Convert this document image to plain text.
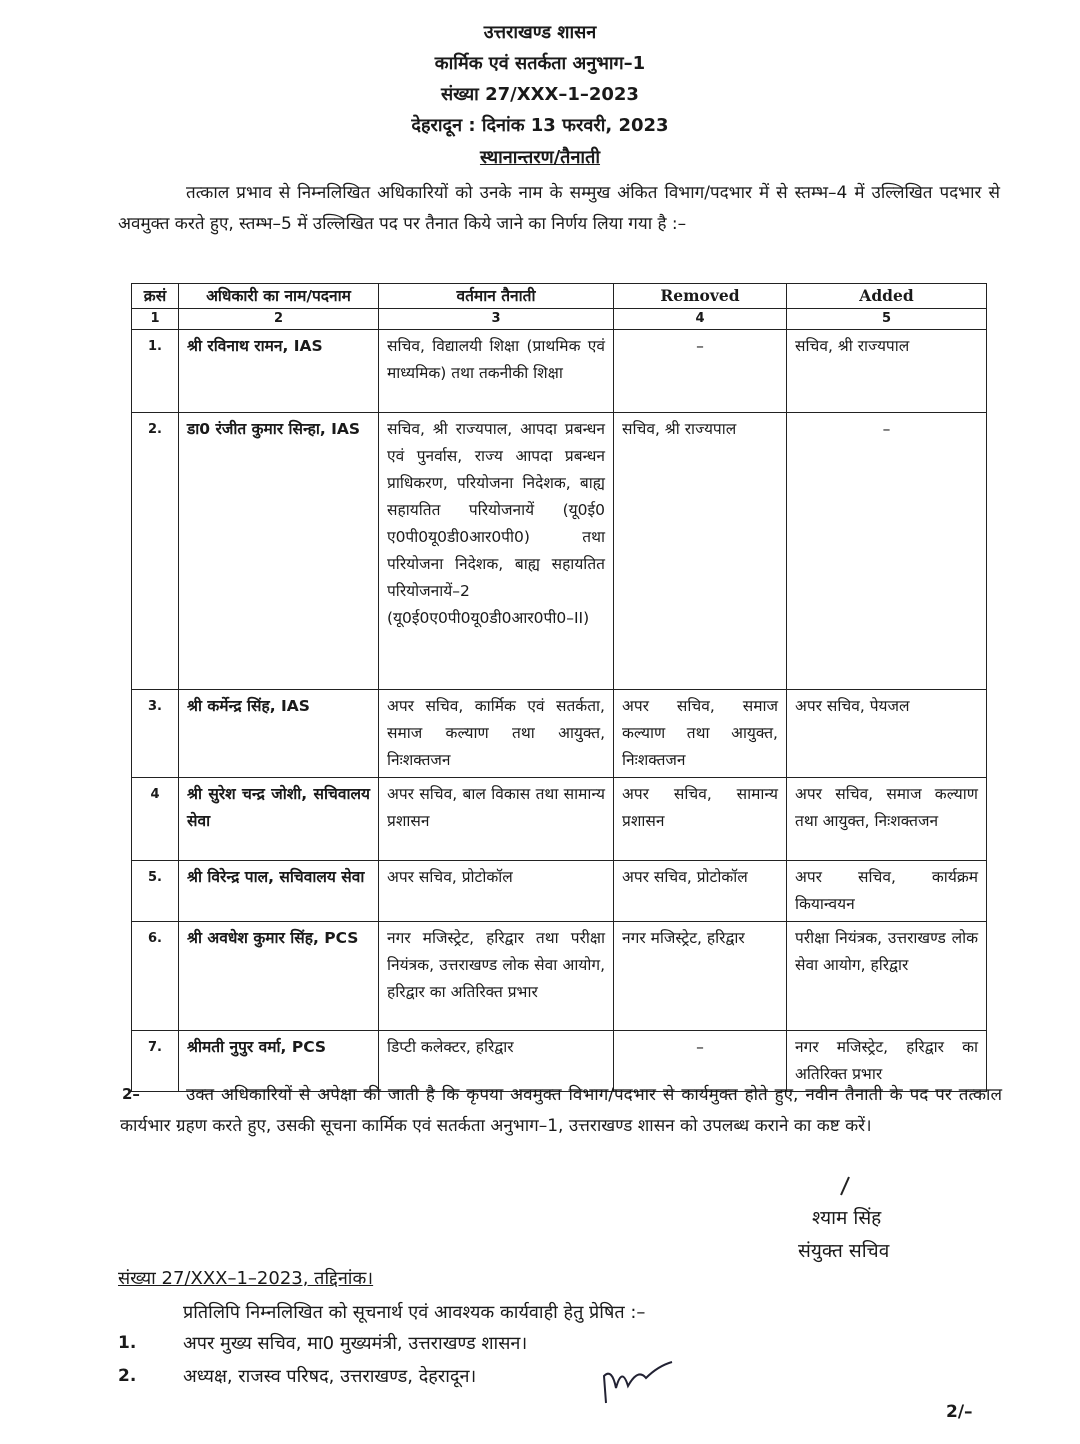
उत्तराखण्ड शासन
कार्मिक एवं सतर्कता अनुभाग–1
संख्या 27/XXX–1–2023
देहरादून : दिनांक 13 फरवरी, 2023
स्थानान्तरण/तैनाती
तत्काल प्रभाव से निम्नलिखित अधिकारियों को उनके नाम के सम्मुख अंकित विभाग/पदभार में से स्तम्भ–4 में उल्लिखित पदभार से अवमुक्त करते हुए, स्तम्भ–5 में उल्लिखित पद पर तैनात किये जाने का निर्णय लिया गया है :–
क्रसं	अधिकारी का नाम/पदनाम	वर्तमान तैनाती	Removed	Added
1	2	3	4	5
1.	श्री रविनाथ रामन, IAS	सचिव, विद्यालयी शिक्षा (प्राथमिक एवं माध्यमिक) तथा तकनीकी शिक्षा	–	सचिव, श्री राज्यपाल
2.	डा0 रंजीत कुमार सिन्हा, IAS	सचिव, श्री राज्यपाल, आपदा प्रबन्धन एवं पुनर्वास, राज्य आपदा प्रबन्धन प्राधिकरण, परियोजना निदेशक, बाह्य सहायतित परियोजनायें (यू0ई0 ए0पी0यू0डी0आर0पी0) तथा परियोजना निदेशक, बाह्य सहायतित परियोजनायें–2 (यू0ई0ए0पी0यू0डी0आर0पी0–II)	सचिव, श्री राज्यपाल	–
3.	श्री कर्मेन्द्र सिंह, IAS	अपर सचिव, कार्मिक एवं सतर्कता, समाज कल्याण तथा आयुक्त, निःशक्तजन	अपर सचिव, समाज कल्याण तथा आयुक्त, निःशक्तजन	अपर सचिव, पेयजल
4	श्री सुरेश चन्द्र जोशी, सचिवालय सेवा	अपर सचिव, बाल विकास तथा सामान्य प्रशासन	अपर सचिव, सामान्य प्रशासन	अपर सचिव, समाज कल्याण तथा आयुक्त, निःशक्तजन
5.	श्री विरेन्द्र पाल, सचिवालय सेवा	अपर सचिव, प्रोटोकॉल	अपर सचिव, प्रोटोकॉल	अपर सचिव, कार्यक्रम कियान्वयन
6.	श्री अवधेश कुमार सिंह, PCS	नगर मजिस्ट्रेट, हरिद्वार तथा परीक्षा नियंत्रक, उत्तराखण्ड लोक सेवा आयोग, हरिद्वार का अतिरिक्त प्रभार	नगर मजिस्ट्रेट, हरिद्वार	परीक्षा नियंत्रक, उत्तराखण्ड लोक सेवा आयोग, हरिद्वार
7.	श्रीमती नुपुर वर्मा, PCS	डिप्टी कलेक्टर, हरिद्वार	–	नगर मजिस्ट्रेट, हरिद्वार का अतिरिक्त प्रभार
2–	उक्त अधिकारियों से अपेक्षा की जाती है कि कृपया अवमुक्त विभाग/पदभार से कार्यमुक्त होते हुए, नवीन तैनाती के पद पर तत्काल कार्यभार ग्रहण करते हुए, उसकी सूचना कार्मिक एवं सतर्कता अनुभाग–1, उत्तराखण्ड शासन को उपलब्ध कराने का कष्ट करें।
श्याम सिंह
संयुक्त सचिव
संख्या 27/XXX–1–2023, तद्दिनांक।
प्रतिलिपि निम्नलिखित को सूचनार्थ एवं आवश्यक कार्यवाही हेतु प्रेषित :–
1.	अपर मुख्य सचिव, मा0 मुख्यमंत्री, उत्तराखण्ड शासन।
2.	अध्यक्ष, राजस्व परिषद, उत्तराखण्ड, देहरादून।
2/–
